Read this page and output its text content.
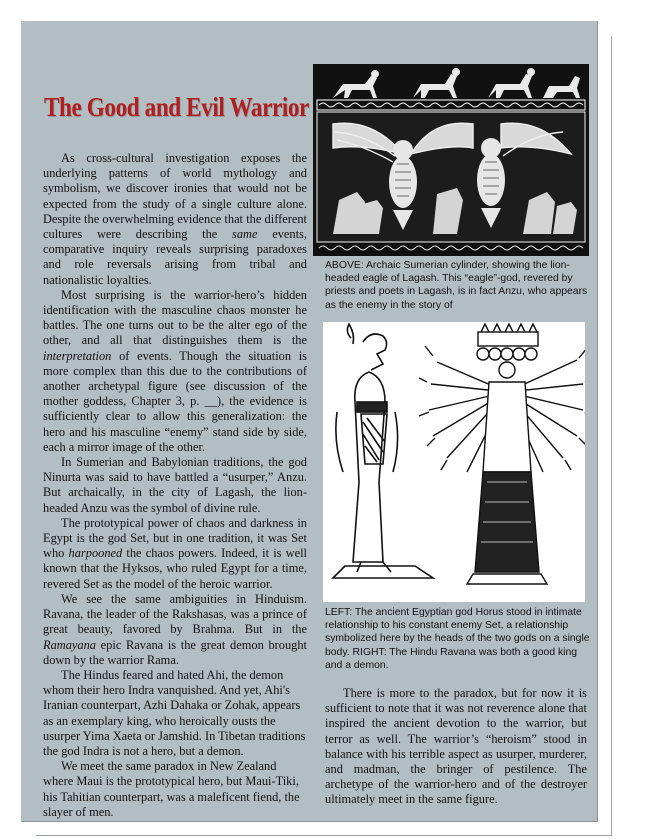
The Good and Evil Warrior

As cross-cultural investigation exposes the underlying patterns of world mythology and symbolism, we discover ironies that would not be expected from the study of a single culture alone. Despite the overwhelming evidence that the different cultures were describing the same events, comparative inquiry reveals surprising paradoxes and role reversals arising from tribal and nationalistic loyalties.

Most surprising is the warrior-hero’s hidden identification with the masculine chaos monster he battles. The one turns out to be the alter ego of the other, and all that distinguishes them is the interpretation of events. Though the situation is more complex than this due to the contributions of another archetypal figure (see discussion of the mother goddess, Chapter 3, p. __), the evidence is sufficiently clear to allow this generalization: the hero and his masculine “enemy” stand side by side, each a mirror image of the other.

In Sumerian and Babylonian traditions, the god Ninurta was said to have battled a “usurper,” Anzu. But archaically, in the city of Lagash, the lion-headed Anzu was the symbol of divine rule.

The prototypical power of chaos and darkness in Egypt is the god Set, but in one tradition, it was Set who harpooned the chaos powers. Indeed, it is well known that the Hyksos, who ruled Egypt for a time, revered Set as the model of the heroic warrior.

We see the same ambiguities in Hinduism. Ravana, the leader of the Rakshasas, was a prince of great beauty, favored by Brahma. But in the Ramayana epic Ravana is the great demon brought down by the warrior Rama.

The Hindus feared and hated Ahi, the demon whom their hero Indra vanquished. And yet, Ahi's Iranian counterpart, Azhi Dahaka or Zohak, appears as an exemplary king, who heroically ousts the usurper Yima Xaeta or Jamshid. In Tibetan traditions the god Indra is not a hero, but a demon.

We meet the same paradox in New Zealand where Maui is the prototypical hero, but Maui-Tiki, his Tahitian counterpart, was a maleficent fiend, the slayer of men.

ABOVE: Archaic Sumerian cylinder, showing the lion-headed eagle of Lagash. This “eagle”-god, revered by priests and poets in Lagash, is in fact Anzu, who appears as the enemy in the story of
LEFT: The ancient Egyptian god Horus stood in intimate relationship to his constant enemy Set, a relationship symbolized here by the heads of the two gods on a single body. RIGHT: The Hindu Ravana was both a good king and a demon.

There is more to the paradox, but for now it is sufficient to note that it was not reverence alone that inspired the ancient devotion to the warrior, but terror as well. The warrior’s “heroism” stood in balance with his terrible aspect as usurper, murderer, and madman, the bringer of pestilence. The archetype of the warrior-hero and of the destroyer ultimately meet in the same figure.
